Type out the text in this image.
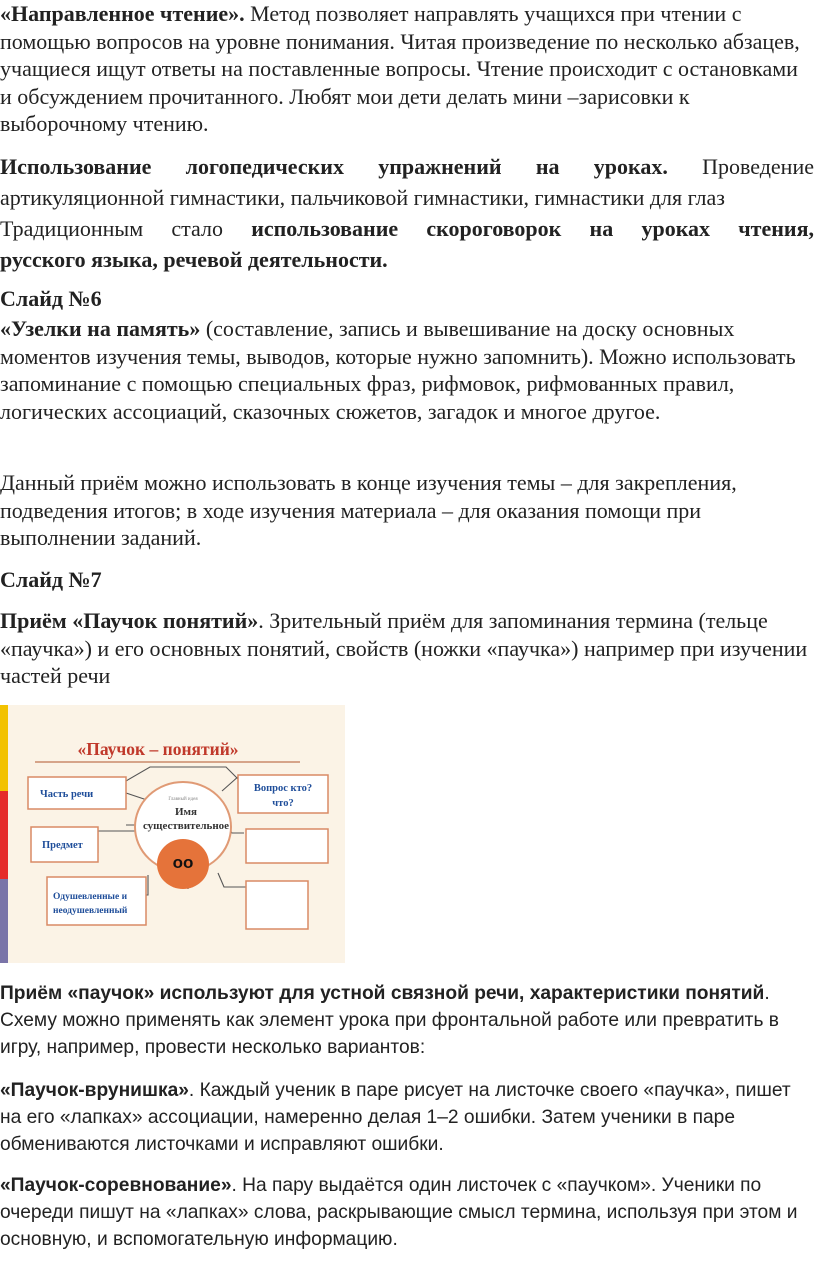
«Направленное чтение». Метод позволяет направлять учащихся при чтении с помощью вопросов на уровне понимания. Читая произведение по несколько абзацев, учащиеся ищут ответы на поставленные вопросы. Чтение происходит с остановками и обсуждением прочитанного. Любят мои дети делать мини –зарисовки к выборочному чтению.

Использование логопедических упражнений на уроках. Проведение

артикуляционной гимнастики, пальчиковой гимнастики, гимнастики для глаз

Традиционным стало использование скороговорок на уроках чтения,

русского языка, речевой деятельности.

Слайд №6

«Узелки на память» (составление, запись и вывешивание на доску основных моментов изучения темы, выводов, которые нужно запомнить). Можно использовать запоминание с помощью специальных фраз, рифмовок, рифмованных правил, логических ассоциаций, сказочных сюжетов, загадок и многое другое.

Данный приём можно использовать в конце изучения темы – для закрепления, подведения итогов; в ходе изучения материала – для оказания помощи при выполнении заданий.

Слайд №7

Приём «Паучок понятий». Зрительный приём для запоминания термина (тельце «паучка») и его основных понятий, свойств (ножки «паучка») например при изучении частей речи

«Паучок – понятий»
Главный идея
Имя
существительное
oo
Часть речи
Предмет
Одушевленные и
неодушевленный
Вопрос кто?
что?

Приём «паучок» используют для устной связной речи, характеристики понятий. Схему можно применять как элемент урока при фронтальной работе или превратить в игру, например, провести несколько вариантов:

«Паучок-врунишка». Каждый ученик в паре рисует на листочке своего «паучка», пишет на его «лапках» ассоциации, намеренно делая 1–2 ошибки. Затем ученики в паре обмениваются листочками и исправляют ошибки.

«Паучок-соревнование». На пару выдаётся один листочек с «паучком». Ученики по очереди пишут на «лапках» слова, раскрывающие смысл термина, используя при этом и основную, и вспомогательную информацию.
